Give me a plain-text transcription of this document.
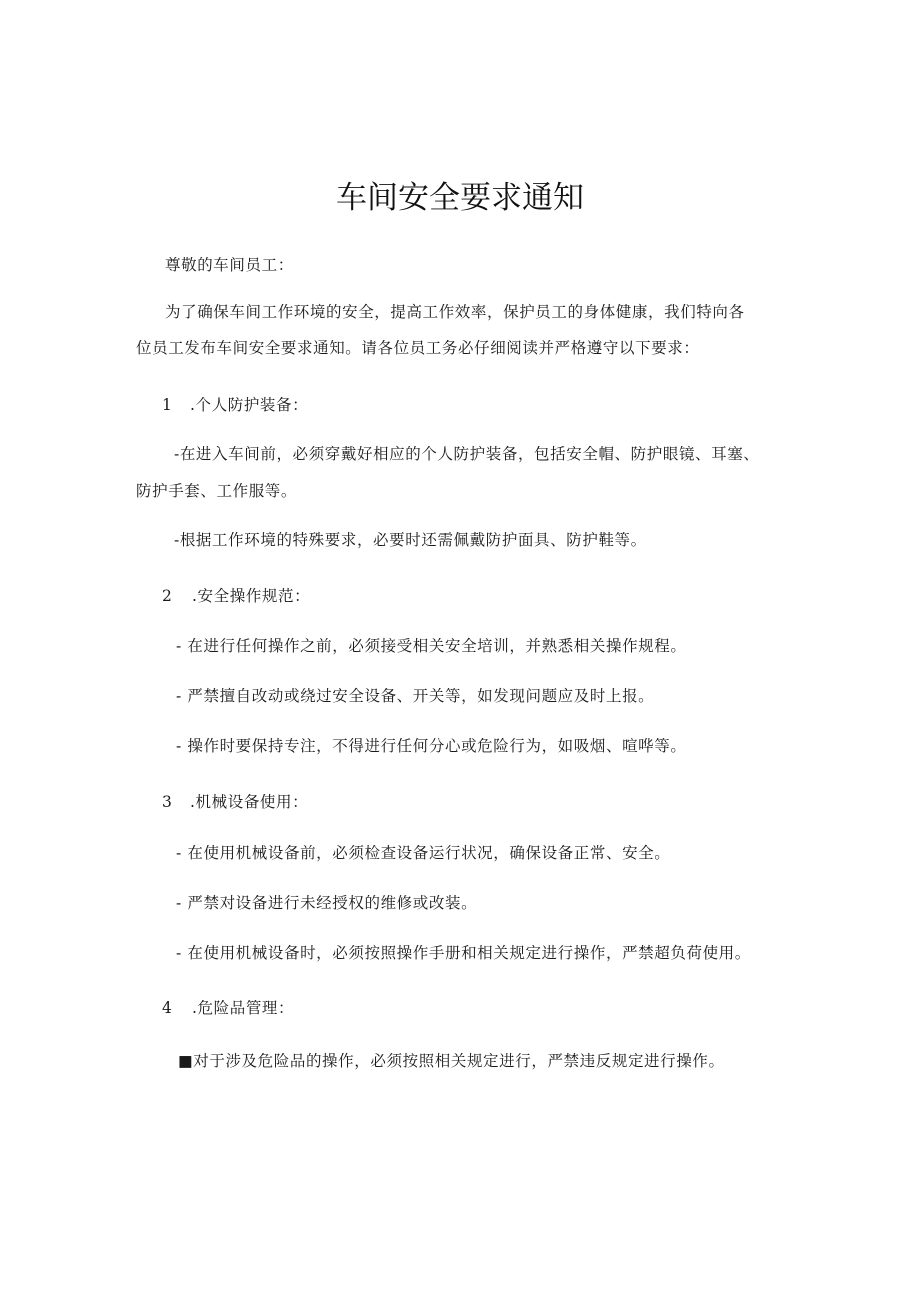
车间安全要求通知
尊敬的车间员工：
为了确保车间工作环境的安全，提高工作效率，保护员工的身体健康，我们特向各
位员工发布车间安全要求通知。请各位员工务必仔细阅读并严格遵守以下要求：
1 .个人防护装备：
-在进入车间前，必须穿戴好相应的个人防护装备，包括安全帽、防护眼镜、耳塞、
防护手套、工作服等。
-根据工作环境的特殊要求，必要时还需佩戴防护面具、防护鞋等。
2 .安全操作规范：
- 在进行任何操作之前，必须接受相关安全培训，并熟悉相关操作规程。
- 严禁擅自改动或绕过安全设备、开关等，如发现问题应及时上报。
- 操作时要保持专注，不得进行任何分心或危险行为，如吸烟、喧哗等。
3 .机械设备使用：
- 在使用机械设备前，必须检查设备运行状况，确保设备正常、安全。
- 严禁对设备进行未经授权的维修或改装。
- 在使用机械设备时，必须按照操作手册和相关规定进行操作，严禁超负荷使用。
4 .危险品管理：
■对于涉及危险品的操作，必须按照相关规定进行，严禁违反规定进行操作。
